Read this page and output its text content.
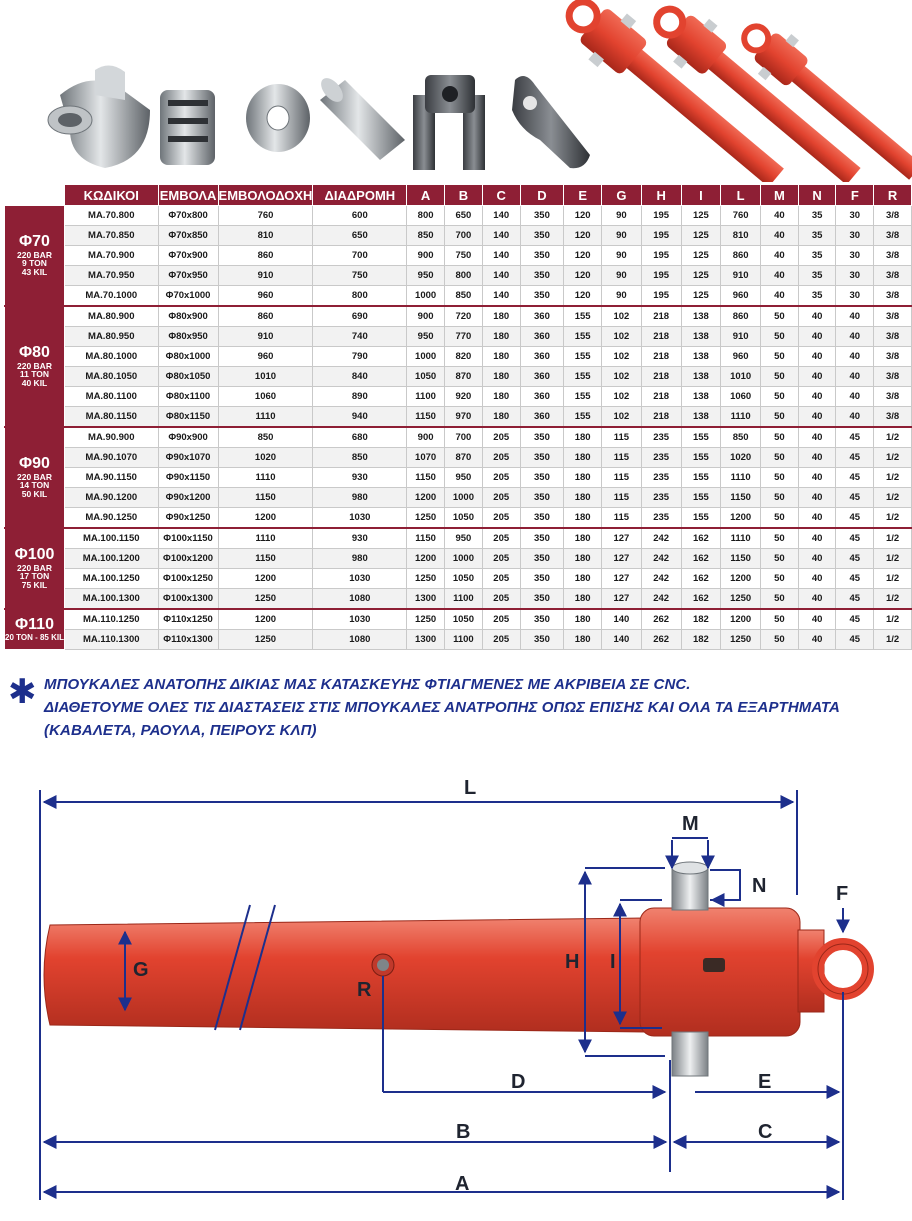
	ΚΩΔΙΚΟΙ	ΕΜΒΟΛΑ	ΕΜΒΟΛΟΔΟΧΗ	ΔΙΑΔΡΟΜΗ	A	B	C	D	E	G	H	I	L	M	N	F	R

Φ70
220 BAR
9 TON
43 KIL	MA.70.800	Φ70x800	760	600	800	650	140	350	120	90	195	125	760	40	35	30	3/8
	MA.70.850	Φ70x850	810	650	850	700	140	350	120	90	195	125	810	40	35	30	3/8
	MA.70.900	Φ70x900	860	700	900	750	140	350	120	90	195	125	860	40	35	30	3/8
	MA.70.950	Φ70x950	910	750	950	800	140	350	120	90	195	125	910	40	35	30	3/8
	MA.70.1000	Φ70x1000	960	800	1000	850	140	350	120	90	195	125	960	40	35	30	3/8

Φ80
220 BAR
11 TON
40 KIL	MA.80.900	Φ80x900	860	690	900	720	180	360	155	102	218	138	860	50	40	40	3/8
	MA.80.950	Φ80x950	910	740	950	770	180	360	155	102	218	138	910	50	40	40	3/8
	MA.80.1000	Φ80x1000	960	790	1000	820	180	360	155	102	218	138	960	50	40	40	3/8
	MA.80.1050	Φ80x1050	1010	840	1050	870	180	360	155	102	218	138	1010	50	40	40	3/8
	MA.80.1100	Φ80x1100	1060	890	1100	920	180	360	155	102	218	138	1060	50	40	40	3/8
	MA.80.1150	Φ80x1150	1110	940	1150	970	180	360	155	102	218	138	1110	50	40	40	3/8

Φ90
220 BAR
14 TON
50 KIL	MA.90.900	Φ90x900	850	680	900	700	205	350	180	115	235	155	850	50	40	45	1/2
	MA.90.1070	Φ90x1070	1020	850	1070	870	205	350	180	115	235	155	1020	50	40	45	1/2
	MA.90.1150	Φ90x1150	1110	930	1150	950	205	350	180	115	235	155	1110	50	40	45	1/2
	MA.90.1200	Φ90x1200	1150	980	1200	1000	205	350	180	115	235	155	1150	50	40	45	1/2
	MA.90.1250	Φ90x1250	1200	1030	1250	1050	205	350	180	115	235	155	1200	50	40	45	1/2

Φ100
220 BAR
17 TON
75 KIL	MA.100.1150	Φ100x1150	1110	930	1150	950	205	350	180	127	242	162	1110	50	40	45	1/2
	MA.100.1200	Φ100x1200	1150	980	1200	1000	205	350	180	127	242	162	1150	50	40	45	1/2
	MA.100.1250	Φ100x1250	1200	1030	1250	1050	205	350	180	127	242	162	1200	50	40	45	1/2
	MA.100.1300	Φ100x1300	1250	1080	1300	1100	205	350	180	127	242	162	1250	50	40	45	1/2

Φ110
20 TON - 85 KIL	MA.110.1250	Φ110x1250	1200	1030	1250	1050	205	350	180	140	262	182	1200	50	40	45	1/2
	MA.110.1300	Φ110x1300	1250	1080	1300	1100	205	350	180	140	262	182	1250	50	40	45	1/2
✱ ΜΠΟΥΚΑΛΕΣ ΑΝΑΤΟΠΗΣ ΔΙΚΙΑΣ ΜΑΣ ΚΑΤΑΣΚΕΥΗΣ ΦΤΙΑΓΜΕΝΕΣ ΜΕ ΑΚΡΙΒΕΙΑ ΣΕ CNC.
ΔΙΑΘΕΤΟΥΜΕ ΟΛΕΣ ΤΙΣ ΔΙΑΣΤΑΣΕΙΣ ΣΤΙΣ ΜΠΟΥΚΑΛΕΣ ΑΝΑΤΡΟΠΗΣ ΟΠΩΣ ΕΠΙΣΗΣ ΚΑΙ ΟΛΑ ΤΑ ΕΞΑΡΤΗΜΑΤΑ
(ΚΑΒΑΛΕΤΑ, ΡΑΟΥΛΑ, ΠΕΙΡΟΥΣ ΚΛΠ)
L
M
N	F
G	H I
R
D	E
B	C
A
